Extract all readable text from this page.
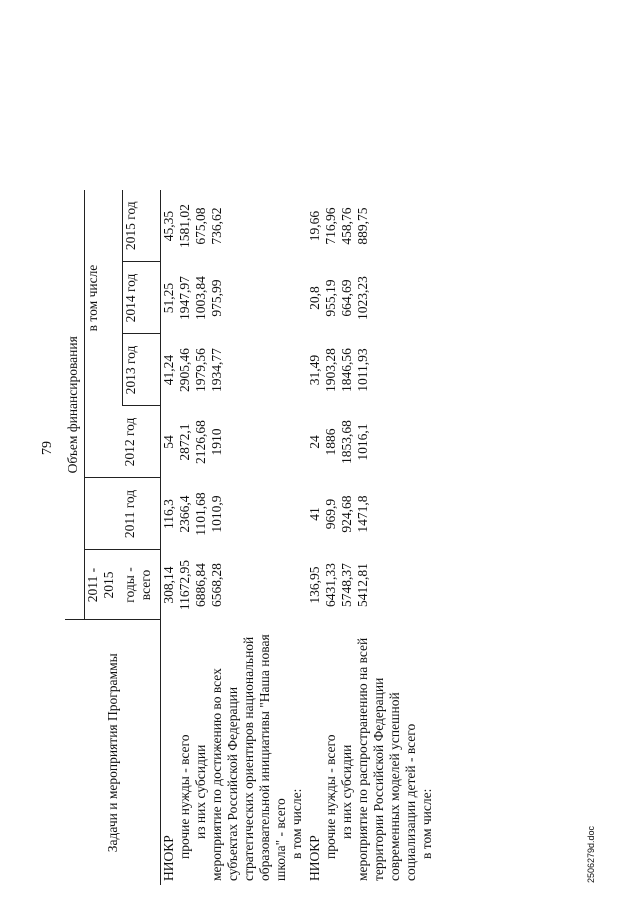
79
Задачи и мероприятия Программы	Объем финансирования					
	2011 - 2015			в том числе		
	годы - всего	2011 год	2012 год	2013 год	2014 год	2015 год
НИОКР	308,14	116,3	54	41,24	51,25	45,35
прочие нужды - всего	11672,95	2366,4	2872,1	2905,46	1947,97	1581,02
из них субсидии	6886,84	1101,68	2126,68	1979,56	1003,84	675,08
мероприятие по достижению во всех субъектах Российской Федерации стратегических ориентиров национальной образовательной инициативы "Наша новая школа" - всего	6568,28	1010,9	1910	1934,77	975,99	736,62
в том числе:						
НИОКР	136,95	41	24	31,49	20,8	19,66
прочие нужды - всего	6431,33	969,9	1886	1903,28	955,19	716,96
из них субсидии	5748,37	924,68	1853,68	1846,56	664,69	458,76
мероприятие по распространению на всей территории Российской Федерации современных моделей успешной социализации детей - всего	5412,81	1471,8	1016,1	1011,93	1023,23	889,75
в том числе:							2506279d.doc
